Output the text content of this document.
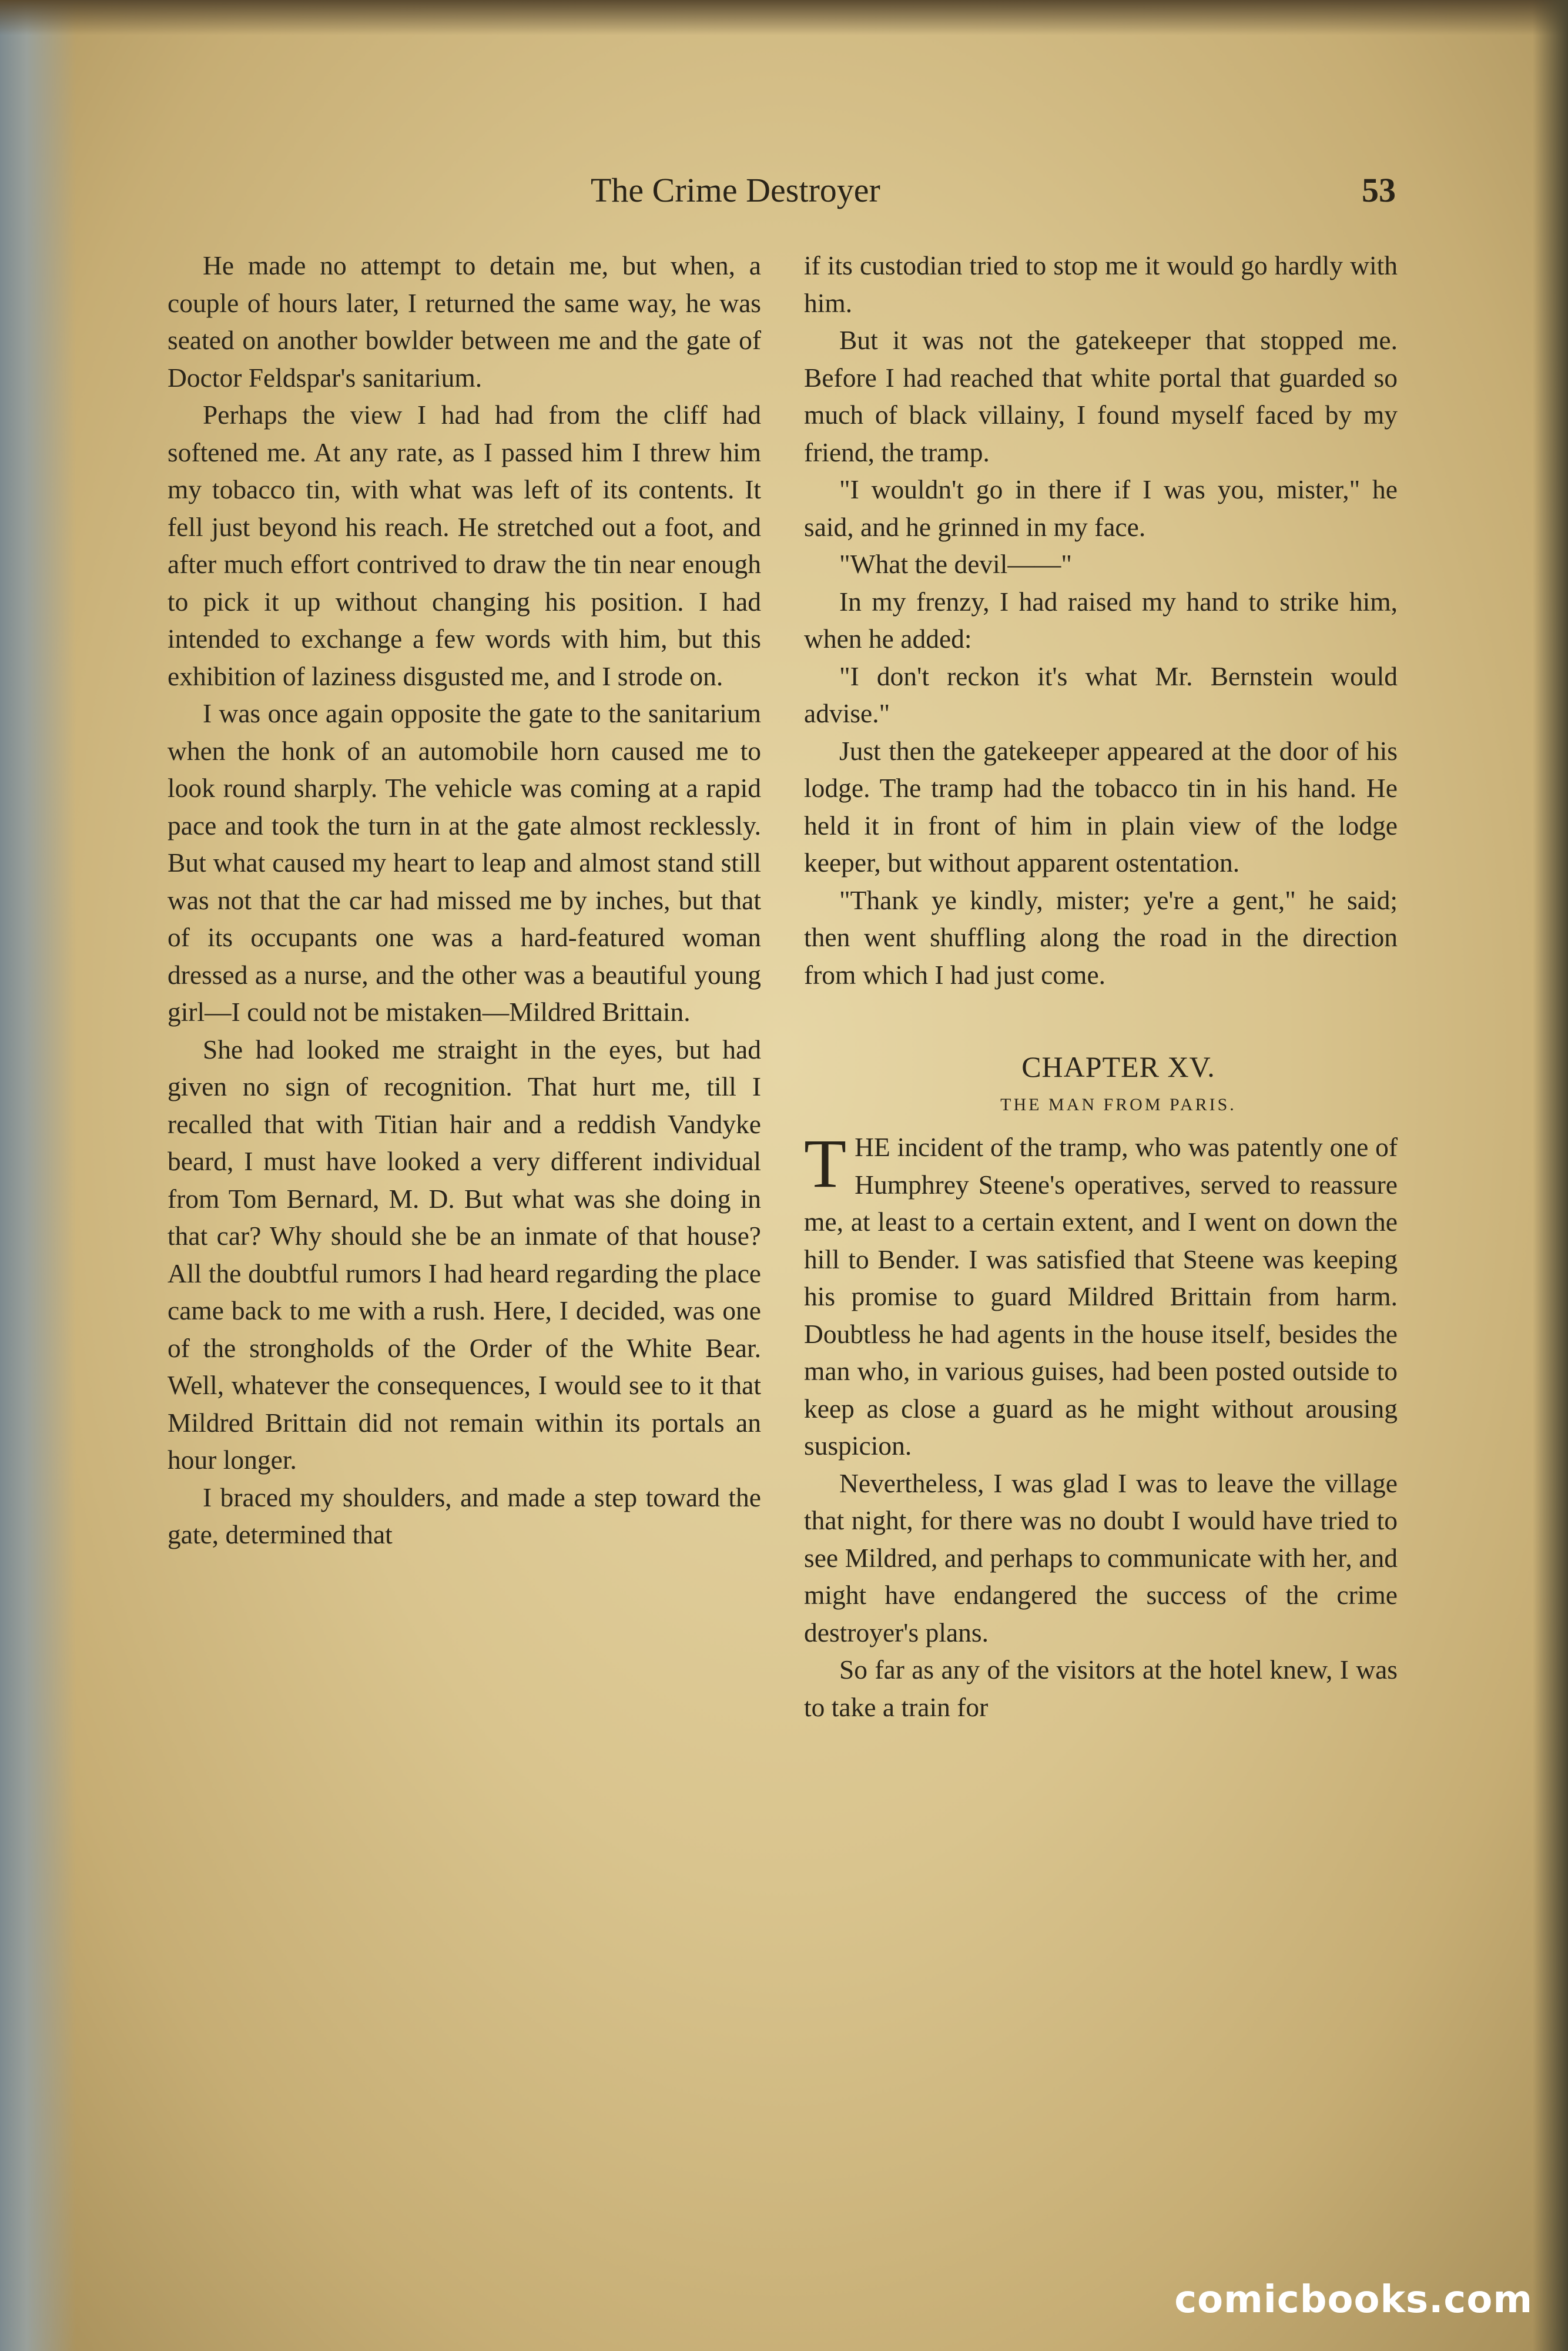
The Crime Destroyer	53

He made no attempt to detain me, but when, a couple of hours later, I returned the same way, he was seated on another bowlder between me and the gate of Doctor Feldspar's sanitarium.

Perhaps the view I had had from the cliff had softened me. At any rate, as I passed him I threw him my tobacco tin, with what was left of its contents. It fell just beyond his reach. He stretched out a foot, and after much effort contrived to draw the tin near enough to pick it up without changing his position. I had intended to exchange a few words with him, but this exhibition of laziness disgusted me, and I strode on.

I was once again opposite the gate to the sanitarium when the honk of an automobile horn caused me to look round sharply. The vehicle was coming at a rapid pace and took the turn in at the gate almost recklessly. But what caused my heart to leap and almost stand still was not that the car had missed me by inches, but that of its occupants one was a hard-featured woman dressed as a nurse, and the other was a beautiful young girl—I could not be mistaken—Mildred Brittain.

She had looked me straight in the eyes, but had given no sign of recognition. That hurt me, till I recalled that with Titian hair and a reddish Vandyke beard, I must have looked a very different individual from Tom Bernard, M. D. But what was she doing in that car? Why should she be an inmate of that house? All the doubtful rumors I had heard regarding the place came back to me with a rush. Here, I decided, was one of the strongholds of the Order of the White Bear. Well, whatever the consequences, I would see to it that Mildred Brittain did not remain within its portals an hour longer.

I braced my shoulders, and made a step toward the gate, determined that

if its custodian tried to stop me it would go hardly with him.

But it was not the gatekeeper that stopped me. Before I had reached that white portal that guarded so much of black villainy, I found myself faced by my friend, the tramp.

"I wouldn't go in there if I was you, mister," he said, and he grinned in my face.

"What the devil——"

In my frenzy, I had raised my hand to strike him, when he added:

"I don't reckon it's what Mr. Bernstein would advise."

Just then the gatekeeper appeared at the door of his lodge. The tramp had the tobacco tin in his hand. He held it in front of him in plain view of the lodge keeper, but without apparent ostentation.

"Thank ye kindly, mister; ye're a gent," he said; then went shuffling along the road in the direction from which I had just come.

CHAPTER XV.

THE MAN FROM PARIS.

THE incident of the tramp, who was patently one of Humphrey Steene's operatives, served to reassure me, at least to a certain extent, and I went on down the hill to Bender. I was satisfied that Steene was keeping his promise to guard Mildred Brittain from harm. Doubtless he had agents in the house itself, besides the man who, in various guises, had been posted outside to keep as close a guard as he might without arousing suspicion.

Nevertheless, I was glad I was to leave the village that night, for there was no doubt I would have tried to see Mildred, and perhaps to communicate with her, and might have endangered the success of the crime destroyer's plans.

So far as any of the visitors at the hotel knew, I was to take a train for

comicbooks.com
